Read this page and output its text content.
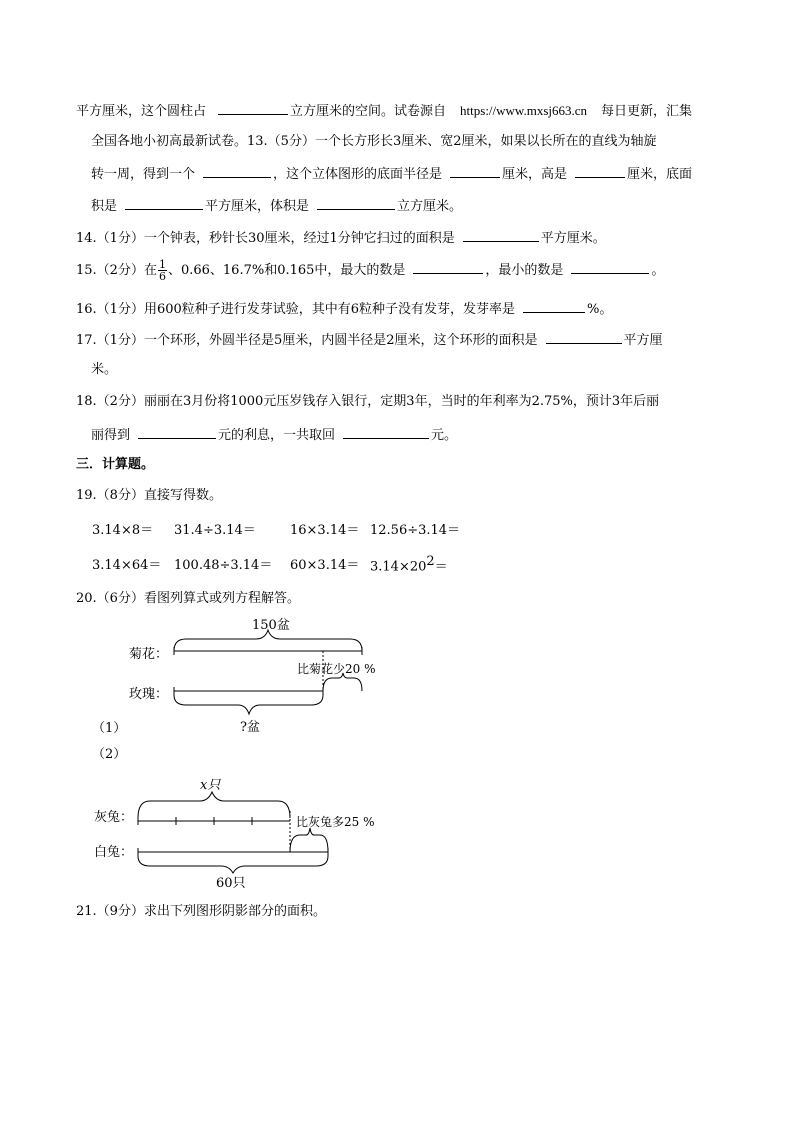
平方厘米，这个圆柱占	立方厘米的空间。试卷源自 https://www.mxsj663.cn 每日更新，汇集
全国各地小初高最新试卷。13.（5分）一个长方形长3厘米、宽2厘米，如果以长所在的直线为轴旋
转一周，得到一个	，这个立体图形的底面半径是	厘米，高是	厘米，底面
积是	平方厘米，体积是	立方厘米。
14.（1分）一个钟表，秒针长30厘米，经过1分钟它扫过的面积是	平方厘米。
15.（2分）在 $\frac{1}{6}$ 、0.66、16.7%和0.165中，最大的数是	，最小的数是	。
16.（1分）用600粒种子进行发芽试验，其中有6粒种子没有发芽，发芽率是	%。
17.（1分）一个环形，外圆半径是5厘米，内圆半径是2厘米，这个环形的面积是	平方厘
米。
18.（2分）丽丽在3月份将1000元压岁钱存入银行，定期3年，当时的年利率为2.75%，预计3年后丽
丽得到	元的利息，一共取回	元。
三．计算题。
19.（8分）直接写得数。
3.14×8＝ 31.4÷3.14＝	16×3.14＝ 12.56÷3.14＝
3.14×64＝ 100.48÷3.14＝ 60×3.14＝ 3.14×202＝
20.（6分）看图列算式或列方程解答。
150盆
菊花：
玫瑰：
比菊花少20 %
?盆
（1）
（2）
x只
灰兔：
白兔：
比灰兔多25 %
60只
21.（9分）求出下列图形阴影部分的面积。
